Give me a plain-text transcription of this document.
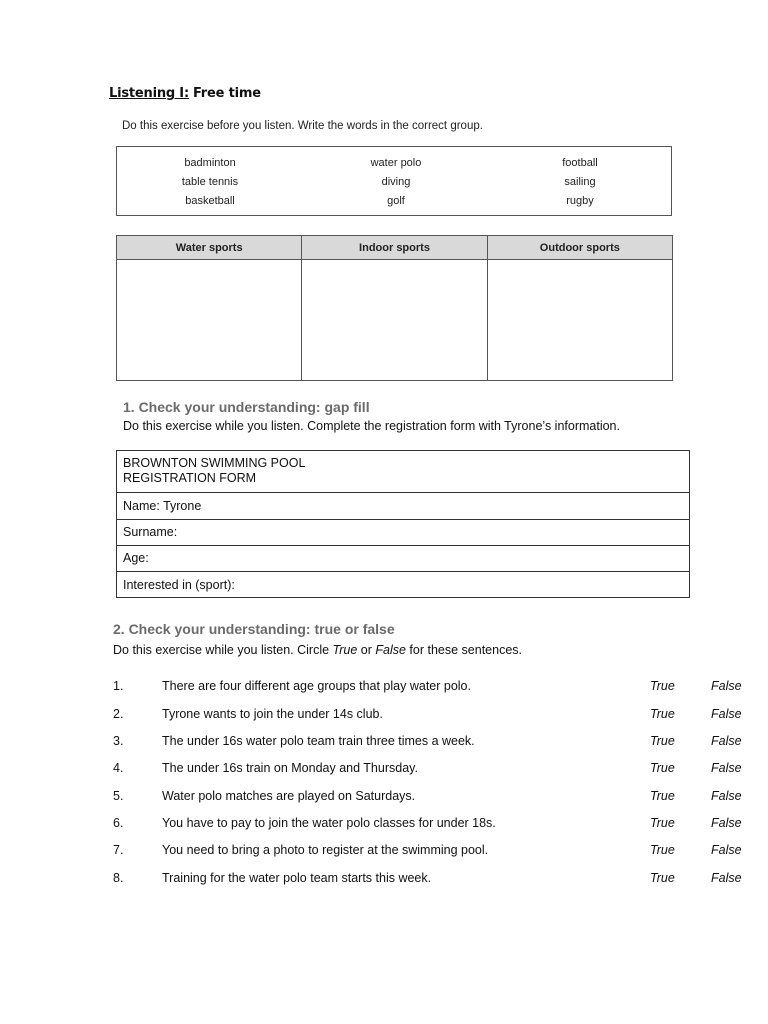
Listening I: Free time
Do this exercise before you listen. Write the words in the correct group.
badminton	water polo	football
table tennis	diving	sailing
basketball	golf	rugby
Water sports	Indoor sports	Outdoor sports

1. Check your understanding: gap fill
Do this exercise while you listen. Complete the registration form with Tyrone’s information.
BROWNTON SWIMMING POOL
REGISTRATION FORM
Name: Tyrone
Surname:
Age:
Interested in (sport):
2. Check your understanding: true or false
Do this exercise while you listen. Circle True or False for these sentences.
1.	There are four different age groups that play water polo.	True	False
2.	Tyrone wants to join the under 14s club.	True	False
3.	The under 16s water polo team train three times a week.	True	False
4.	The under 16s train on Monday and Thursday.	True	False
5.	Water polo matches are played on Saturdays.	True	False
6.	You have to pay to join the water polo classes for under 18s.	True	False
7.	You need to bring a photo to register at the swimming pool.	True	False
8.	Training for the water polo team starts this week.	True	False
